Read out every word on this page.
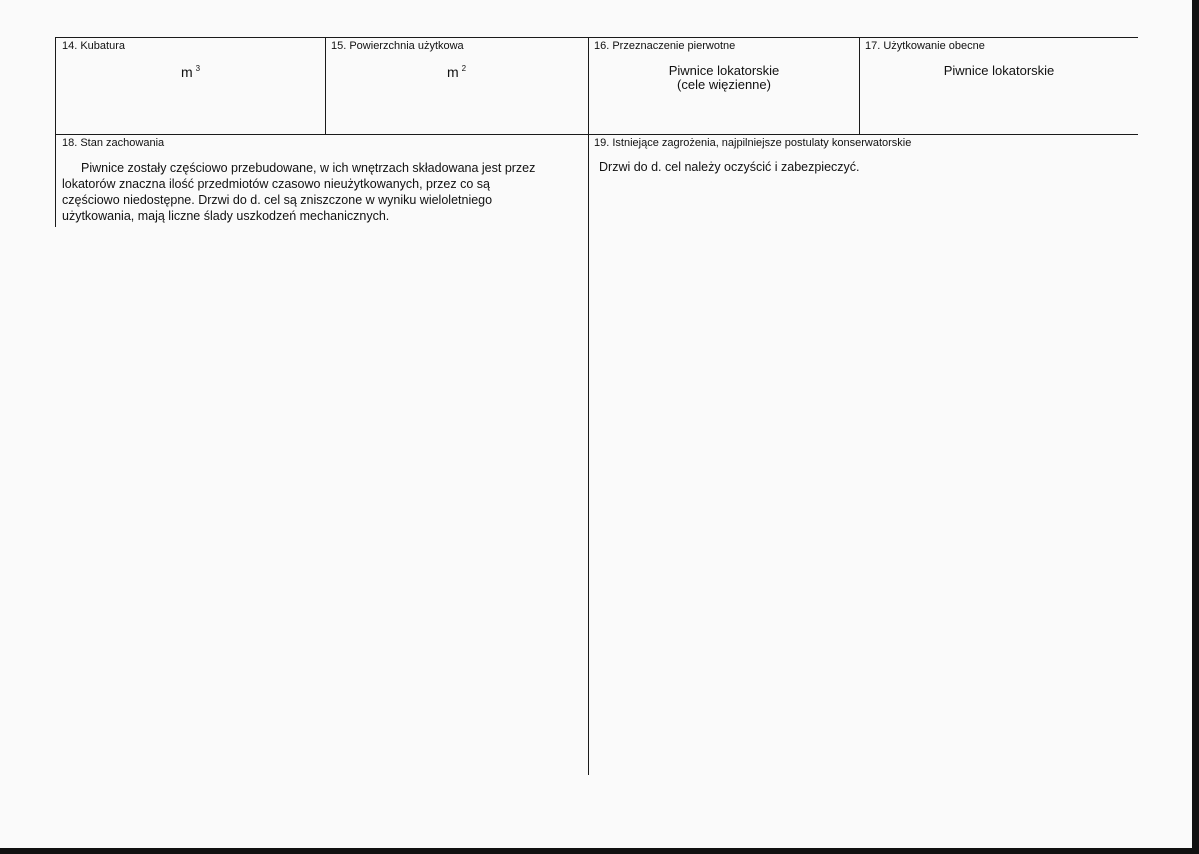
14. Kubatura
m $^3$
15. Powierzchnia użytkowa
m $^2$
16. Przeznaczenie pierwotne
Piwnice lokatorskie
(cele więzienne)
17. Użytkowanie obecne
Piwnice lokatorskie
18. Stan zachowania
Piwnice zostały częściowo przebudowane, w ich wnętrzach składowana jest przez lokatorów znaczna ilość przedmiotów czasowo nieużytkowanych, przez co są częściowo niedostępne. Drzwi do d. cel są zniszczone w wyniku wieloletniego użytkowania, mają liczne ślady uszkodzeń mechanicznych.
19. Istniejące zagrożenia, najpilniejsze postulaty konserwatorskie
Drzwi do d. cel należy oczyścić i zabezpieczyć.
